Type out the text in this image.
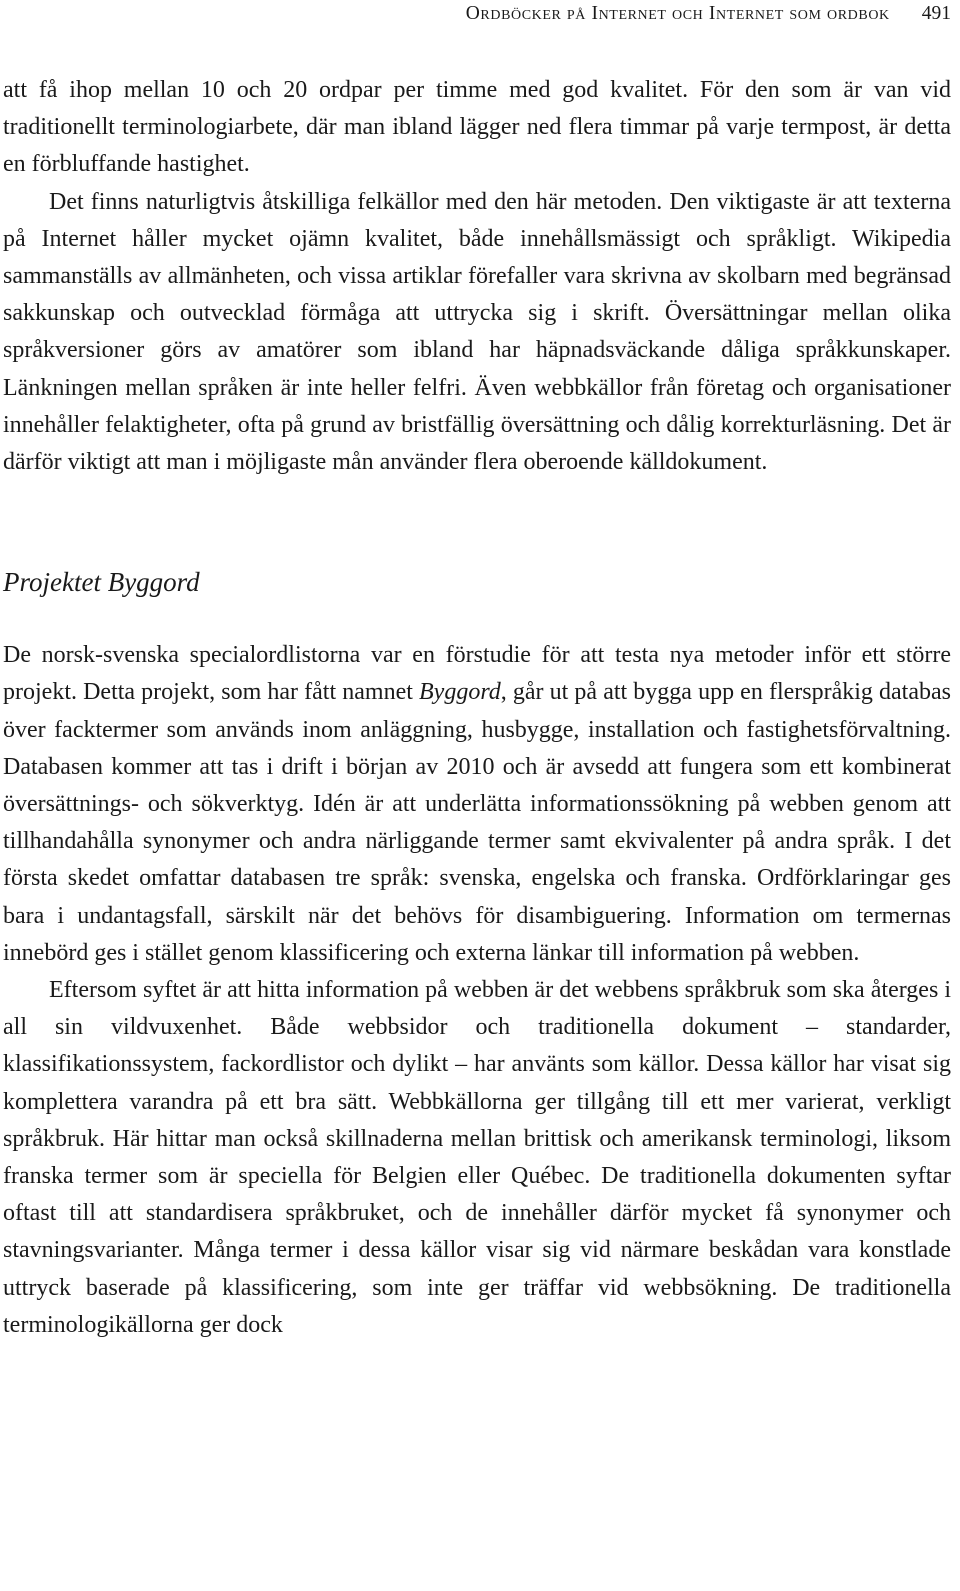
Ordböcker på Internet och Internet som ordbok 491

att få ihop mellan 10 och 20 ordpar per timme med god kvalitet. För den som är van vid traditionellt terminologiarbete, där man ibland lägger ned flera timmar på varje termpost, är detta en förbluffande hastighet.

Det finns naturligtvis åtskilliga felkällor med den här metoden. Den viktigaste är att texterna på Internet håller mycket ojämn kvalitet, både innehållsmässigt och språkligt. Wikipedia sammanställs av allmänheten, och vissa artiklar förefaller vara skrivna av skolbarn med begränsad sakkunskap och outvecklad förmåga att uttrycka sig i skrift. Översättningar mellan olika språkversioner görs av amatörer som ibland har häpnadsväckande dåliga språkkunskaper. Länkningen mellan språken är inte heller felfri. Även webbkällor från företag och organisationer innehåller felaktigheter, ofta på grund av bristfällig översättning och dålig korrekturläsning. Det är därför viktigt att man i möjligaste mån använder flera oberoende källdokument.

Projektet Byggord

De norsk-svenska specialordlistorna var en förstudie för att testa nya metoder inför ett större projekt. Detta projekt, som har fått namnet Byggord, går ut på att bygga upp en flerspråkig databas över facktermer som används inom anläggning, husbygge, installation och fastighetsförvaltning. Databasen kommer att tas i drift i början av 2010 och är avsedd att fungera som ett kombinerat översättnings- och sökverktyg. Idén är att underlätta informationssökning på webben genom att tillhandahålla synonymer och andra närliggande termer samt ekvivalenter på andra språk. I det första skedet omfattar databasen tre språk: svenska, engelska och franska. Ordförklaringar ges bara i undantagsfall, särskilt när det behövs för disambiguering. Information om termernas innebörd ges i stället genom klassificering och externa länkar till information på webben.

Eftersom syftet är att hitta information på webben är det webbens språkbruk som ska återges i all sin vildvuxenhet. Både webbsidor och traditionella dokument – standarder, klassifikationssystem, fackordlistor och dylikt – har använts som källor. Dessa källor har visat sig komplettera varandra på ett bra sätt. Webbkällorna ger tillgång till ett mer varierat, verkligt språkbruk. Här hittar man också skillnaderna mellan brittisk och amerikansk terminologi, liksom franska termer som är speciella för Belgien eller Québec. De traditionella dokumenten syftar oftast till att standardisera språkbruket, och de innehåller därför mycket få synonymer och stavningsvarianter. Många termer i dessa källor visar sig vid närmare beskådan vara konstlade uttryck baserade på klassificering, som inte ger träffar vid webbsökning. De traditionella terminologikällorna ger dock
